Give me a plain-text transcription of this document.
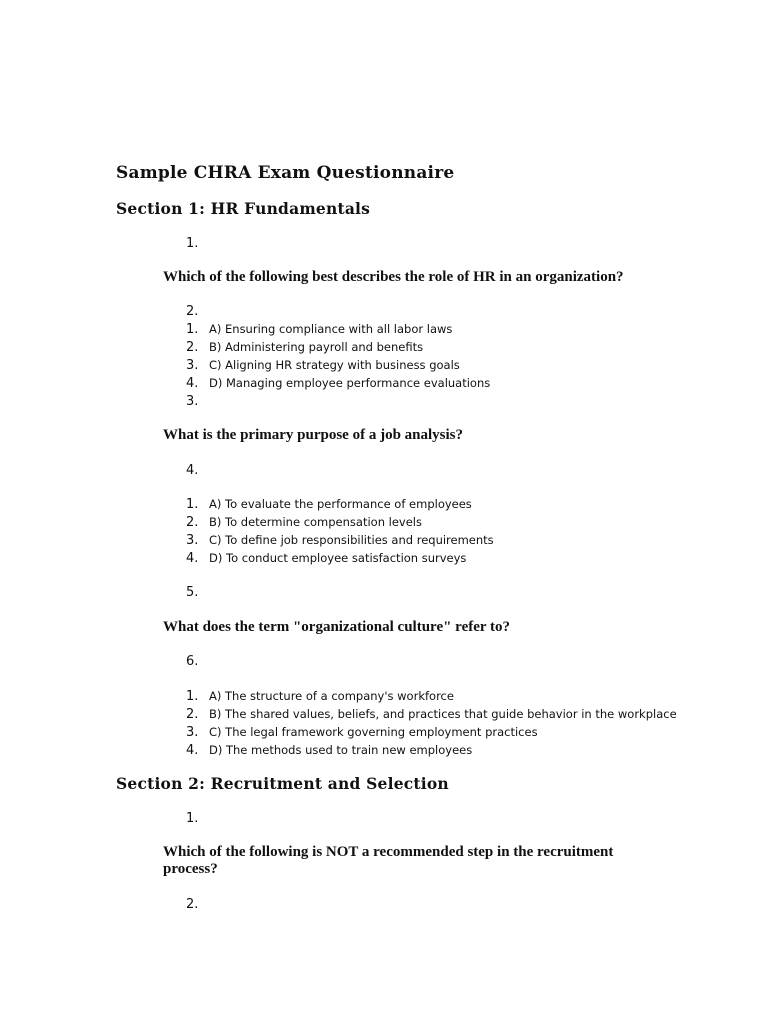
Sample CHRA Exam Questionnaire
Section 1: HR Fundamentals
1.

Which of the following best describes the role of HR in an organization?

2.
1. A) Ensuring compliance with all labor laws
2. B) Administering payroll and benefits
3. C) Aligning HR strategy with business goals
4. D) Managing employee performance evaluations
3.

What is the primary purpose of a job analysis?

4.
1. A) To evaluate the performance of employees
2. B) To determine compensation levels
3. C) To define job responsibilities and requirements
4. D) To conduct employee satisfaction surveys
5.

What does the term "organizational culture" refer to?

6.
1. A) The structure of a company's workforce
2. B) The shared values, beliefs, and practices that guide behavior in the workplace
3. C) The legal framework governing employment practices
4. D) The methods used to train new employees
Section 2: Recruitment and Selection
1.

Which of the following is NOT a recommended step in the recruitment process?

2.
